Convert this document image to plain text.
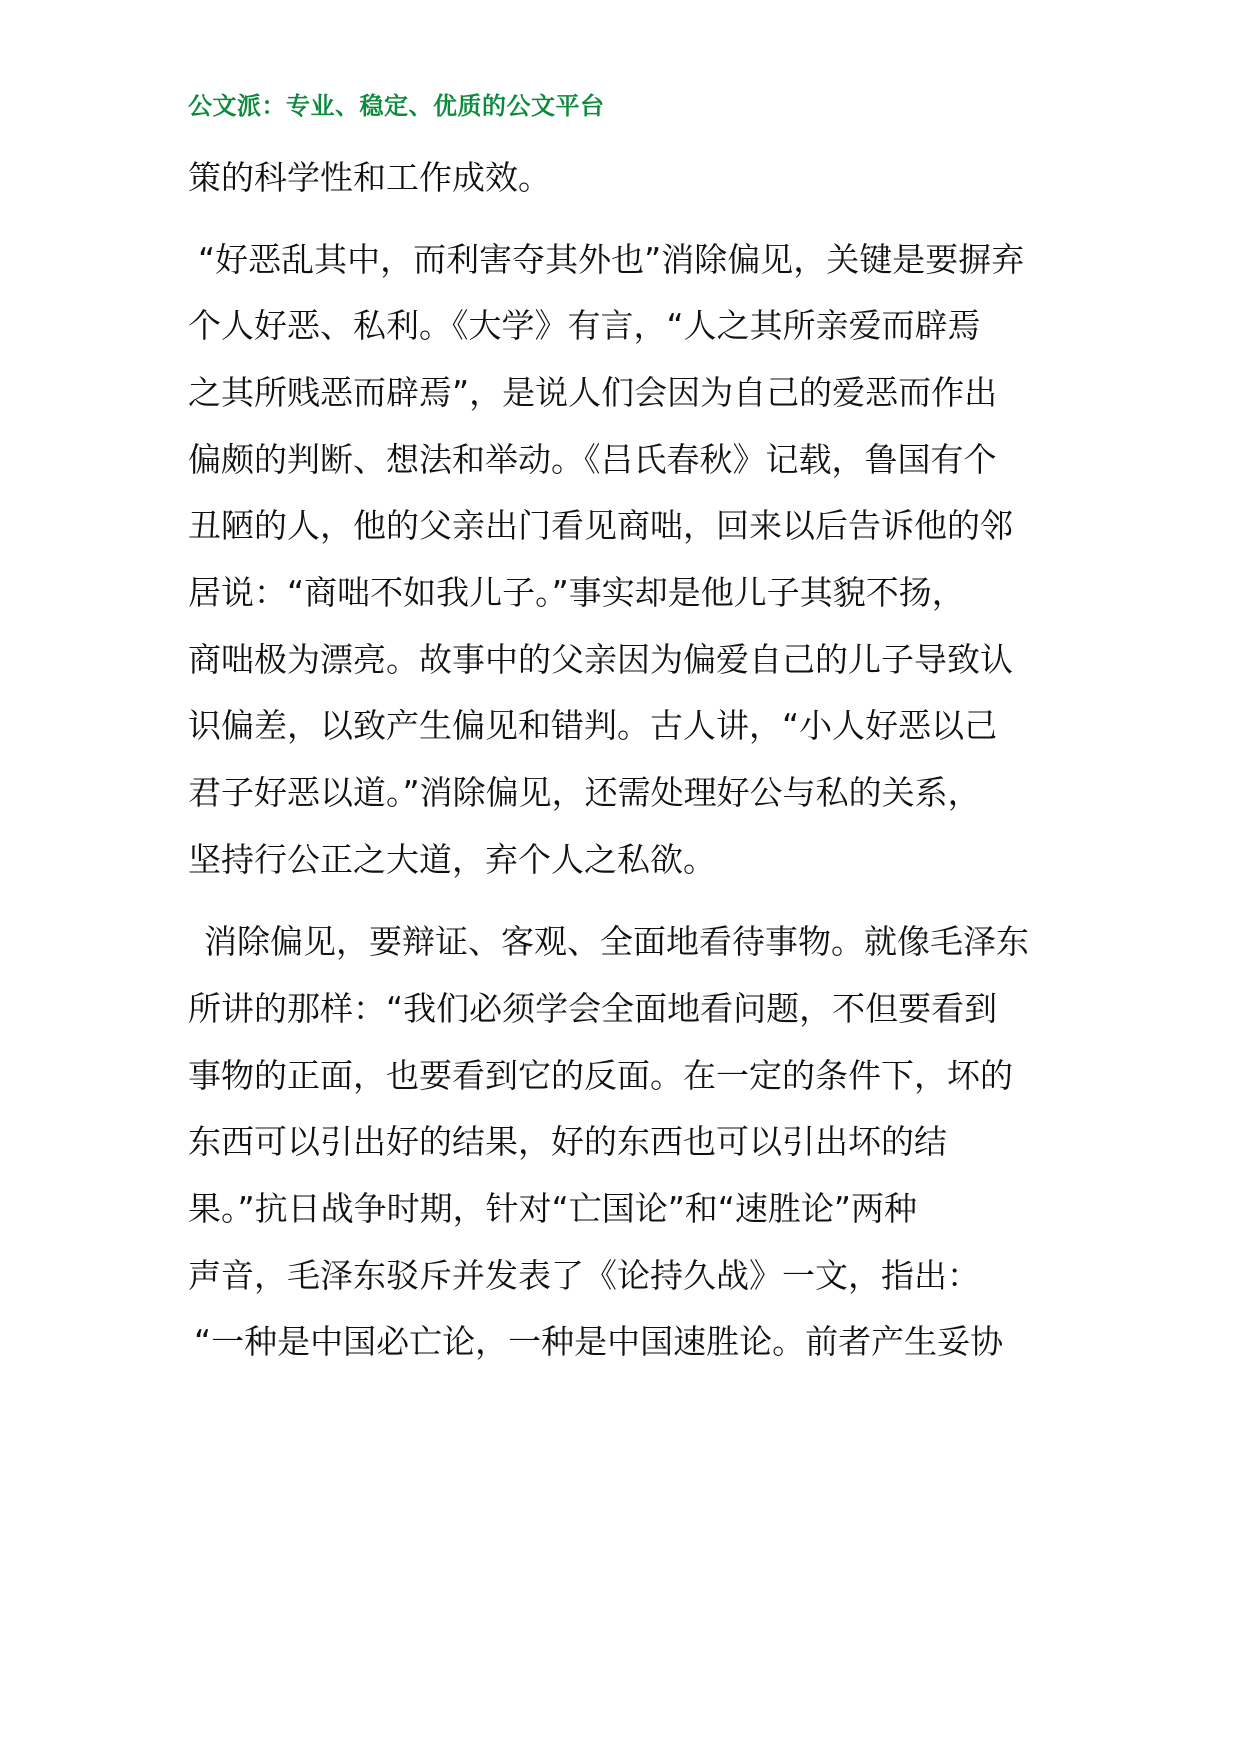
公文派：专业、稳定、优质的公文平台
策的科学性和工作成效。
“好恶乱其中，而利害夺其外也”消除偏见，关键是要摒弃
个人好恶、私利。《大学》有言，“人之其所亲爱而辟焉
之其所贱恶而辟焉”，是说人们会因为自己的爱恶而作出
偏颇的判断、想法和举动。《吕氏春秋》记载，鲁国有个
丑陋的人，他的父亲出门看见商咄，回来以后告诉他的邻
居说：“商咄不如我儿子。”事实却是他儿子其貌不扬，
商咄极为漂亮。故事中的父亲因为偏爱自己的儿子导致认
识偏差，以致产生偏见和错判。古人讲，“小人好恶以己
君子好恶以道。”消除偏见，还需处理好公与私的关系，
坚持行公正之大道，弃个人之私欲。
消除偏见，要辩证、客观、全面地看待事物。就像毛泽东
所讲的那样：“我们必须学会全面地看问题，不但要看到
事物的正面，也要看到它的反面。在一定的条件下，坏的
东西可以引出好的结果，好的东西也可以引出坏的结
果。”抗日战争时期，针对“亡国论”和“速胜论”两种
声音，毛泽东驳斥并发表了《论持久战》一文，指出：
“一种是中国必亡论，一种是中国速胜论。前者产生妥协
